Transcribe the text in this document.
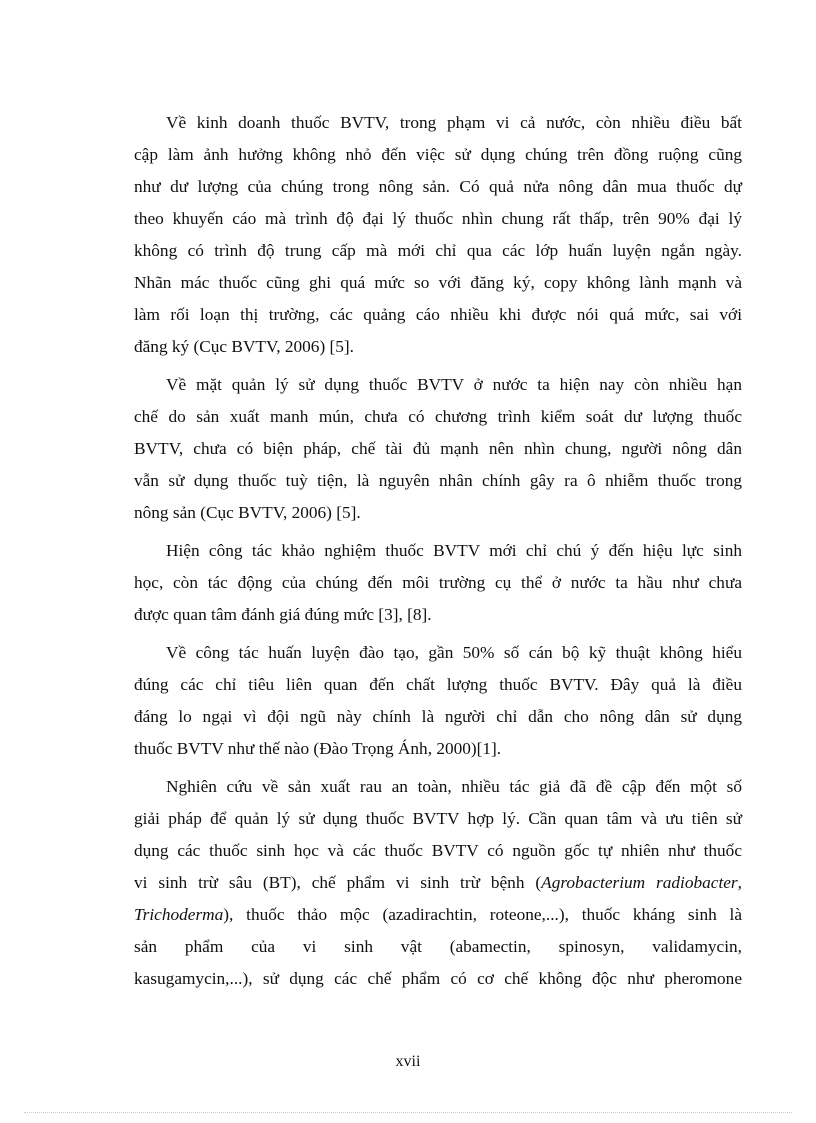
Về kinh doanh thuốc BVTV, trong phạm vi cả nước, còn nhiều điều bất
cập làm ảnh hưởng không nhỏ đến việc sử dụng chúng trên đồng ruộng cũng
như dư lượng của chúng trong nông sản. Có quả nửa nông dân mua thuốc dự
theo khuyến cáo mà trình độ đại lý thuốc nhìn chung rất thấp, trên 90% đại lý
không có trình độ trung cấp mà mới chỉ qua các lớp huấn luyện ngắn ngày.
Nhãn mác thuốc cũng ghi quá mức so với đăng ký, copy không lành mạnh và
làm rối loạn thị trường, các quảng cáo nhiều khi được nói quá mức, sai với
đăng ký (Cục BVTV, 2006) [5].
Về mặt quản lý sử dụng thuốc BVTV ở nước ta hiện nay còn nhiều hạn
chế do sản xuất manh mún, chưa có chương trình kiểm soát dư lượng thuốc
BVTV, chưa có biện pháp, chế tài đủ mạnh nên nhìn chung, người nông dân
vẫn sử dụng thuốc tuỳ tiện, là nguyên nhân chính gây ra ô nhiễm thuốc trong
nông sản (Cục BVTV, 2006) [5].
Hiện công tác khảo nghiệm thuốc BVTV mới chỉ chú ý đến hiệu lực sinh
học, còn tác động của chúng đến môi trường cụ thể ở nước ta hầu như chưa
được quan tâm đánh giá đúng mức [3], [8].
Về công tác huấn luyện đào tạo, gần 50% số cán bộ kỹ thuật không hiểu
đúng các chỉ tiêu liên quan đến chất lượng thuốc BVTV. Đây quả là điều
đáng lo ngại vì đội ngũ này chính là người chỉ dẫn cho nông dân sử dụng
thuốc BVTV như thế nào (Đào Trọng Ánh, 2000)[1].
Nghiên cứu về sản xuất rau an toàn, nhiều tác giả đã đề cập đến một số
giải pháp để quản lý sử dụng thuốc BVTV hợp lý. Cần quan tâm và ưu tiên sử
dụng các thuốc sinh học và các thuốc BVTV có nguồn gốc tự nhiên như thuốc
vi sinh trừ sâu (BT), chế phẩm vi sinh trừ bệnh (Agrobacterium radiobacter,
Trichoderma), thuốc thảo mộc (azadirachtin, roteone,...), thuốc kháng sinh là
sản phẩm của vi sinh vật (abamectin, spinosyn, validamycin,
kasugamycin,...), sử dụng các chế phẩm có cơ chế không độc như pheromone
xvii
